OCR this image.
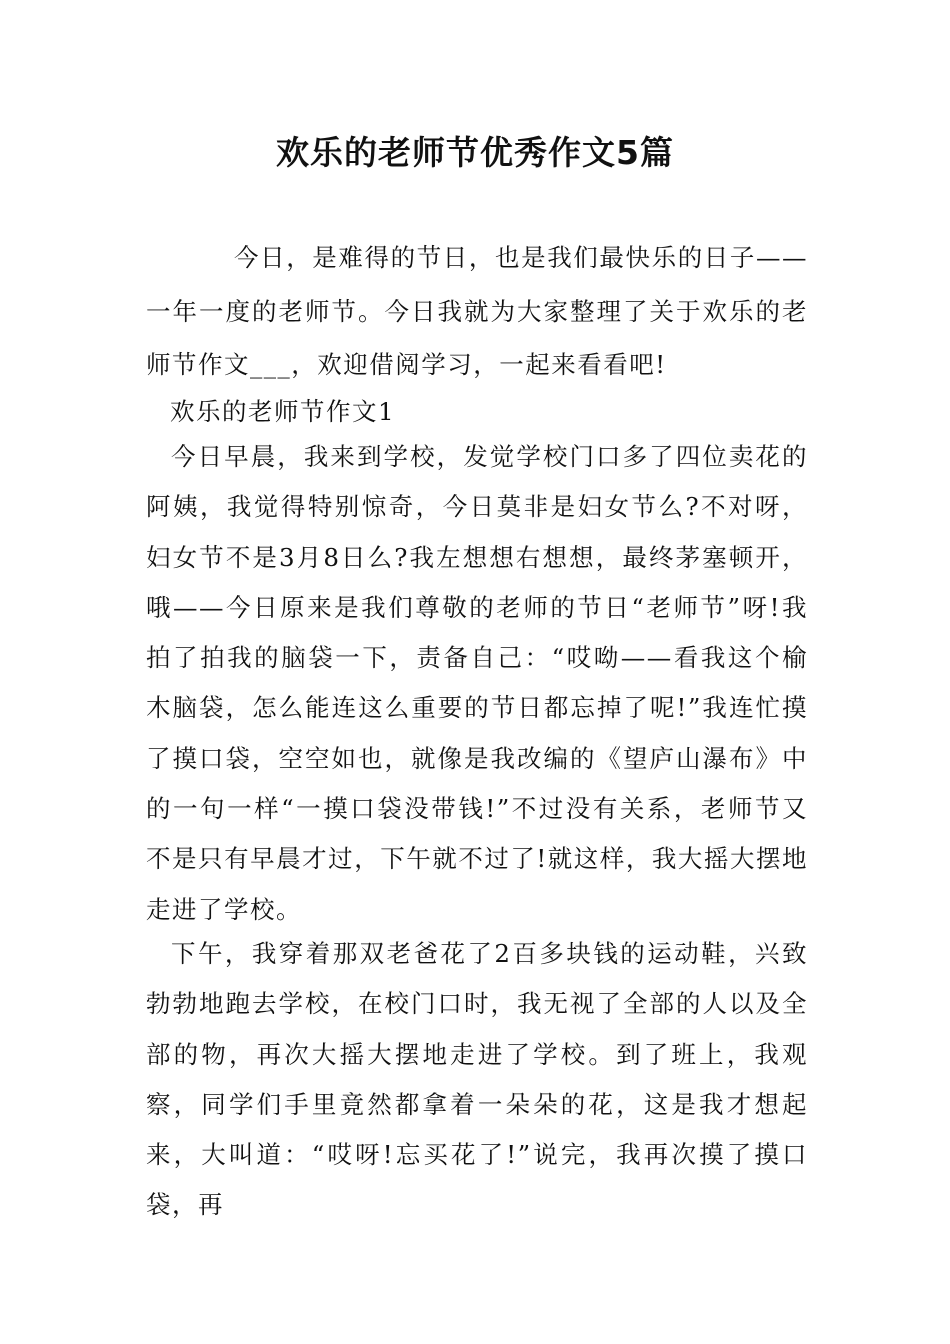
欢乐的老师节优秀作文5篇

今日，是难得的节日，也是我们最快乐的日子——一年一度的老师节。今日我就为大家整理了关于欢乐的老师节作文___，欢迎借阅学习，一起来看看吧!

欢乐的老师节作文1

今日早晨，我来到学校，发觉学校门口多了四位卖花的阿姨，我觉得特别惊奇，今日莫非是妇女节么?不对呀，妇女节不是3月8日么?我左想想右想想，最终茅塞顿开，哦——今日原来是我们尊敬的老师的节日“老师节”呀!我拍了拍我的脑袋一下，责备自己：“哎呦——看我这个榆木脑袋，怎么能连这么重要的节日都忘掉了呢!”我连忙摸了摸口袋，空空如也，就像是我改编的《望庐山瀑布》中的一句一样“一摸口袋没带钱!”不过没有关系，老师节又不是只有早晨才过，下午就不过了!就这样，我大摇大摆地走进了学校。

下午，我穿着那双老爸花了2百多块钱的运动鞋，兴致勃勃地跑去学校，在校门口时，我无视了全部的人以及全部的物，再次大摇大摆地走进了学校。到了班上，我观察，同学们手里竟然都拿着一朵朵的花，这是我才想起来，大叫道：“哎呀!忘买花了!”说完，我再次摸了摸口袋，再
